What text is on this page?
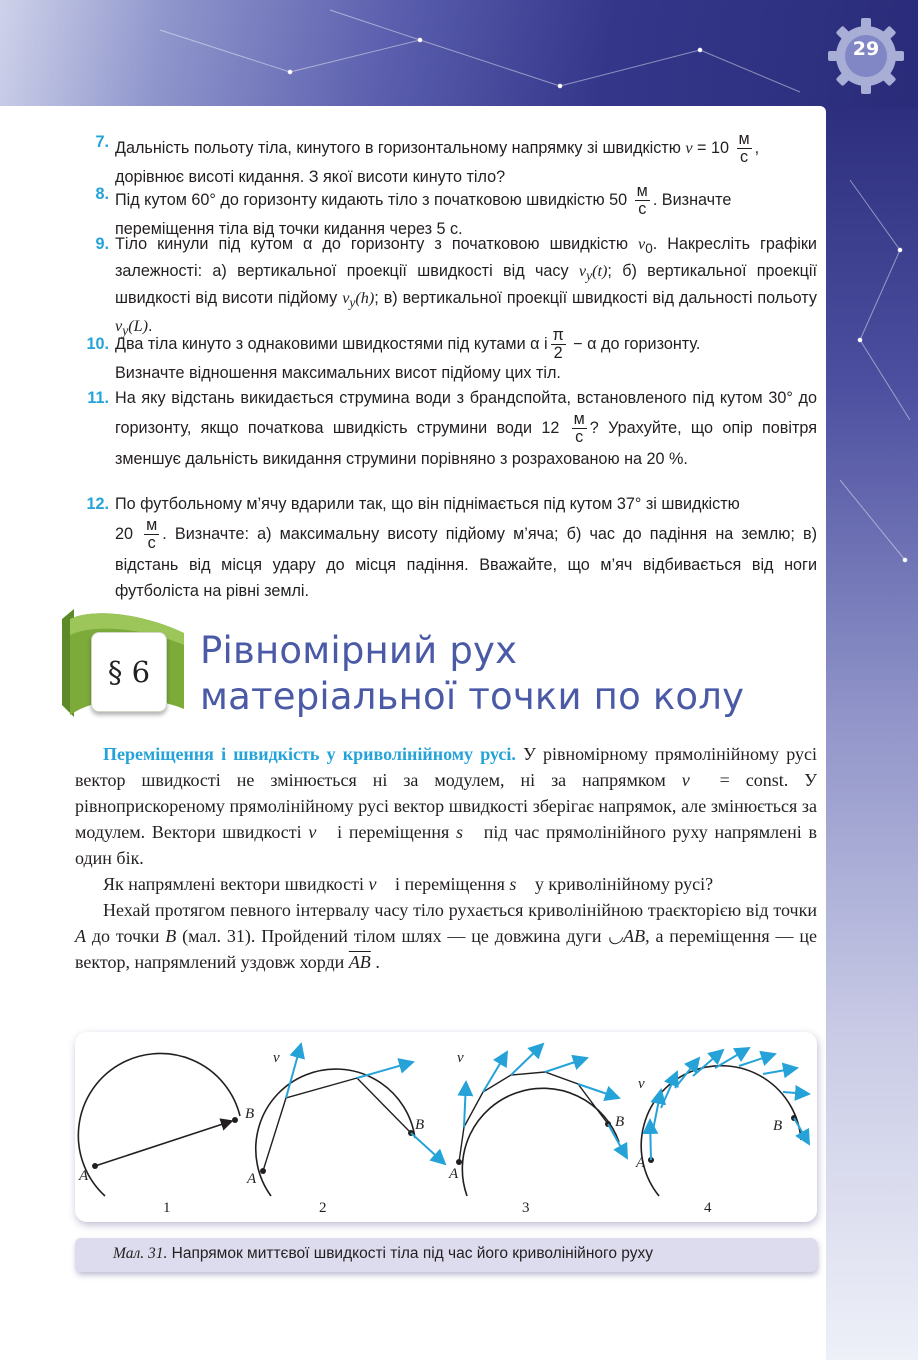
29
7. Дальність польоту тіла, кинутого в горизонтальному напрямку зі швидкістю $v = 10 \frac{м}{с}$ ,
дорівнює висоті кидання. З якої висоти кинуто тіло?
8. Під кутом 60° до горизонту кидають тіло з початковою швидкістю $50 \frac{м}{с}$ . Визначте
переміщення тіла від точки кидання через 5 с.
9. Тіло кинули під кутом α до горизонту з початковою швидкістю $v_0$. Накресліть графіки залежності: а) вертикальної проекції швидкості від часу $v_y(t)$; б) вертикальної проекції швидкості від висоти підйому $v_y(h)$; в) вертикальної проекції швидкості від дальності польоту $v_y(L)$.
10. Два тіла кинуто з однаковими швидкостями під кутами α і $\frac{\pi}{2} - \alpha$ до горизонту.
Визначте відношення максимальних висот підйому цих тіл.
11. На яку відстань викидається струмина води з брандспойта, встановленого під кутом 30° до горизонту, якщо початкова швидкість струмини води $12 \frac{м}{с}$ ? Урахуйте, що опір повітря зменшує дальність викидання струмини порівняно з розрахованою на 20 %.
12. По футбольному м’ячу вдарили так, що він піднімається під кутом 37° зі швидкістю
$20 \frac{м}{с}$ . Визначте: а) максимальну висоту підйому м’яча; б) час до падіння на землю; в) відстань від місця удару до місця падіння. Вважайте, що м’яч відбивається від ноги футболіста на рівні землі.
§ 6	Рівномірний рух
матеріальної точки по колу

Переміщення і швидкість у криволінійному русі. У рівномірному прямолінійному русі вектор швидкості не змінюється ні за модулем, ні за напрямком v⃗ = const. У рівноприскореному прямолінійному русі вектор швидкості зберігає напрямок, але змінюється за модулем. Вектори швидкості v⃗ і переміщення s⃗ під час прямолінійного руху напрямлені в один бік.

Як напрямлені вектори швидкості v⃗ і переміщення s⃗ у криволінійному русі?

Нехай протягом певного інтервалу часу тіло рухається криволінійною траєкторією від точки A до точки B (мал. 31). Пройдений тілом шлях — це довжина дуги ◡AB, а переміщення — це вектор, напрямлений уздовж хорди $\overline{AB}$ .

A
B
1
v⃗
A
B
2
v⃗
A
B
3
v⃗
A
B
4
Мал. 31. Напрямок миттєвої швидкості тіла під час його криволінійного руху
